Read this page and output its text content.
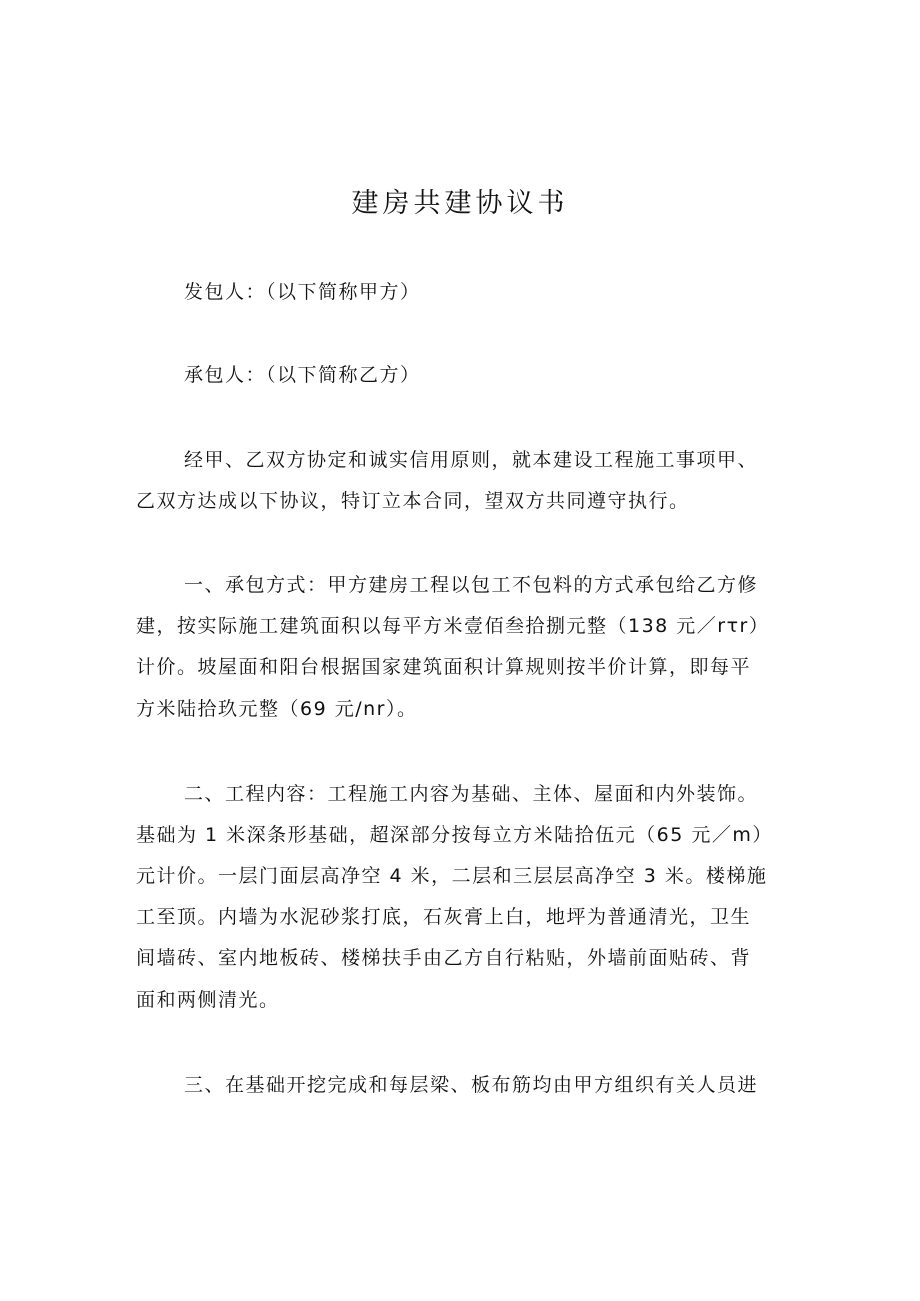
建房共建协议书

发包人：（以下简称甲方）

承包人：（以下简称乙方）

经甲、乙双方协定和诚实信用原则，就本建设工程施工事项甲、

乙双方达成以下协议，特订立本合同，望双方共同遵守执行。

一、承包方式：甲方建房工程以包工不包料的方式承包给乙方修

建，按实际施工建筑面积以每平方米壹佰叁拾捌元整（138 元／rτr）

计价。坡屋面和阳台根据国家建筑面积计算规则按半价计算，即每平

方米陆拾玖元整（69 元/nr）。

二、工程内容：工程施工内容为基础、主体、屋面和内外装饰。

基础为 1 米深条形基础，超深部分按每立方米陆拾伍元（65 元／m）

元计价。一层门面层高净空 4 米，二层和三层层高净空 3 米。楼梯施

工至顶。内墙为水泥砂浆打底，石灰膏上白，地坪为普通清光，卫生

间墙砖、室内地板砖、楼梯扶手由乙方自行粘贴，外墙前面贴砖、背

面和两侧清光。

三、在基础开挖完成和每层梁、板布筋均由甲方组织有关人员进
